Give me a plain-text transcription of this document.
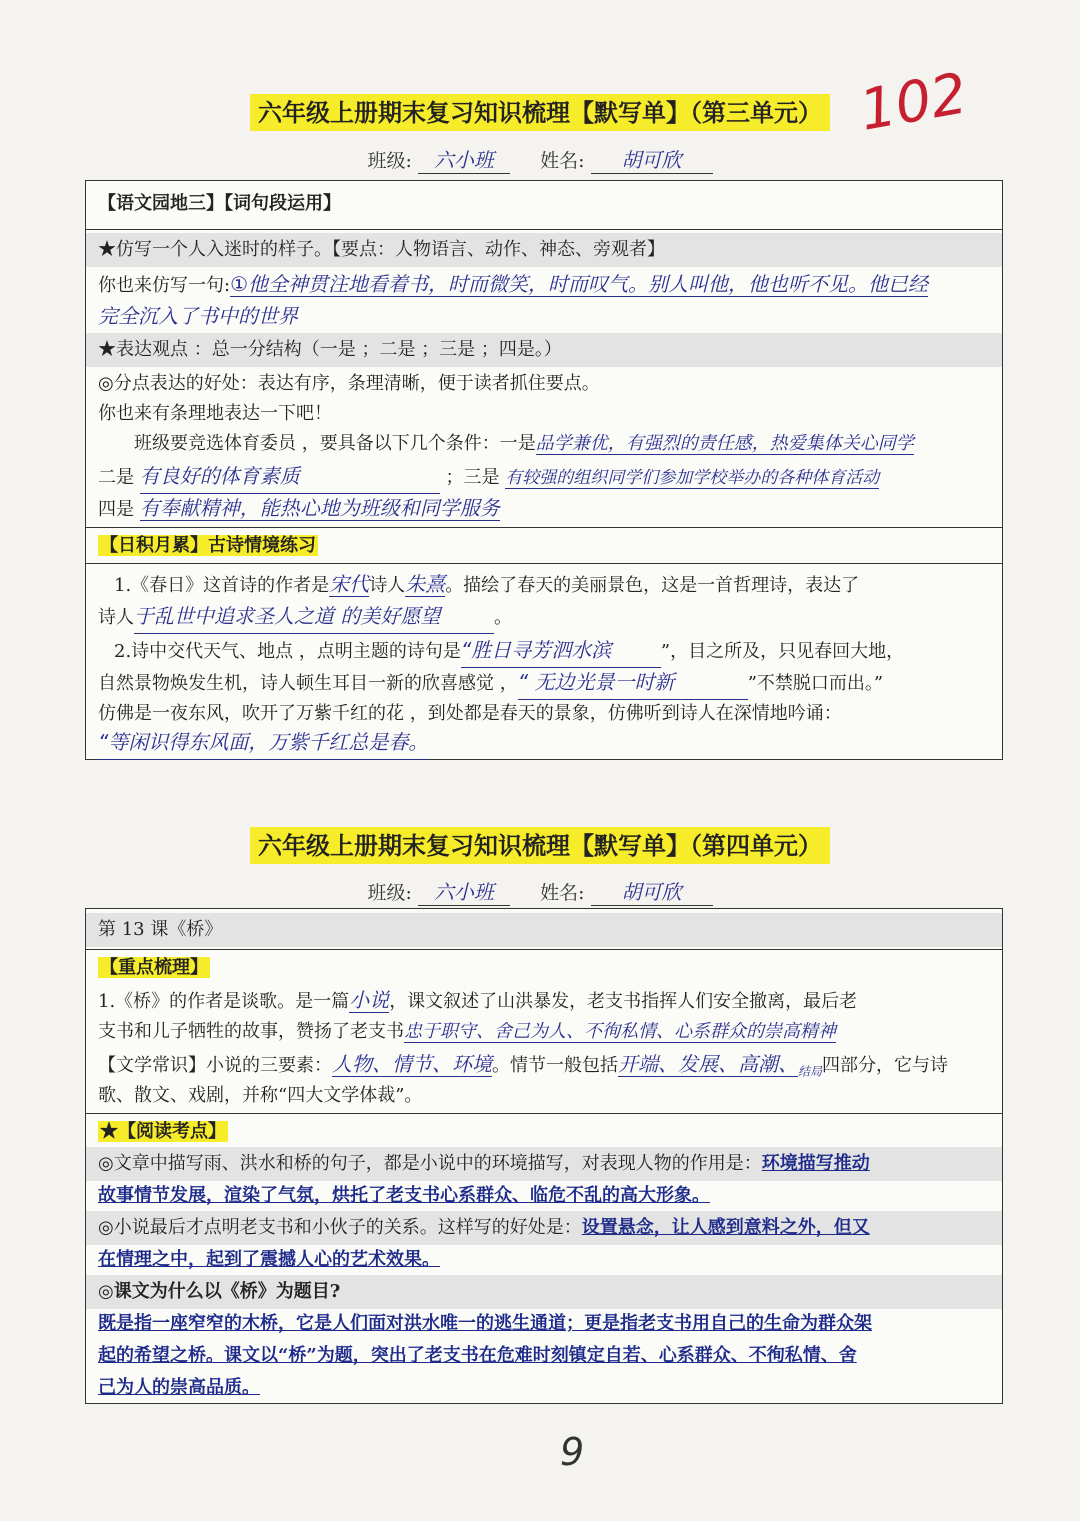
102
六年级上册期末复习知识梳理【默写单】（第三单元）
班级: 六小班 姓名: 胡可欣
【语文园地三】【词句段运用】
★仿写一个人入迷时的样子。【要点：人物语言、动作、神态、旁观者】
你也来仿写一句:①他全神贯注地看着书，时而微笑，时而叹气。别人叫他，他也听不见。他已经
完全沉入了书中的世界
★表达观点 ：总一分结构（一是 ；二是 ；三是 ；四是。）
◎分点表达的好处：表达有序，条理清晰，便于读者抓住要点。
你也来有条理地表达一下吧！
班级要竞选体育委员 ，要具备以下几个条件：一是品学兼优，有强烈的责任感，热爱集体关心同学
二是 有良好的体育素质	；三是 有较强的组织同学们参加学校举办的各种体育活动
四是 有奉献精神，能热心地为班级和同学服务
【日积月累】古诗情境练习
1.《春日》这首诗的作者是宋代诗人朱熹。描绘了春天的美丽景色，这是一首哲理诗，表达了
诗人于乱世中追求圣人之道 的美好愿望	。
2.诗中交代天气、地点 ，点明主题的诗句是“胜日寻芳泗水滨	”，目之所及，只见春回大地，
自然景物焕发生机，诗人顿生耳目一新的欣喜感觉 ，“ 无边光景一时新	”不禁脱口而出。”
仿佛是一夜东风，吹开了万紫千红的花 ，到处都是春天的景象，仿佛听到诗人在深情地吟诵：
“等闲识得东风面，万紫千红总是春。
六年级上册期末复习知识梳理【默写单】（第四单元）
班级: 六小班 姓名: 胡可欣
第 13 课《桥》
【重点梳理】
1.《桥》的作者是谈歌。是一篇小说，课文叙述了山洪暴发，老支书指挥人们安全撤离，最后老
支书和儿子牺牲的故事，赞扬了老支书忠于职守、舍己为人、不徇私情、心系群众的崇高精神
【文学常识】小说的三要素：人物、情节、环境。情节一般包括开端、发展、高潮、$_{结局}$四部分，它与诗
歌、散文、戏剧，并称“四大文学体裁”。
★【阅读考点】
◎文章中描写雨、洪水和桥的句子，都是小说中的环境描写，对表现人物的作用是：环境描写推动
故事情节发展，渲染了气氛，烘托了老支书心系群众、临危不乱的高大形象。
◎小说最后才点明老支书和小伙子的关系。这样写的好处是：设置悬念，让人感到意料之外，但又
在情理之中，起到了震撼人心的艺术效果。
◎课文为什么以《桥》为题目?
既是指一座窄窄的木桥，它是人们面对洪水唯一的逃生通道；更是指老支书用自己的生命为群众架
起的希望之桥。课文以“桥”为题，突出了老支书在危难时刻镇定自若、心系群众、不徇私情、舍
己为人的崇高品质。
9
